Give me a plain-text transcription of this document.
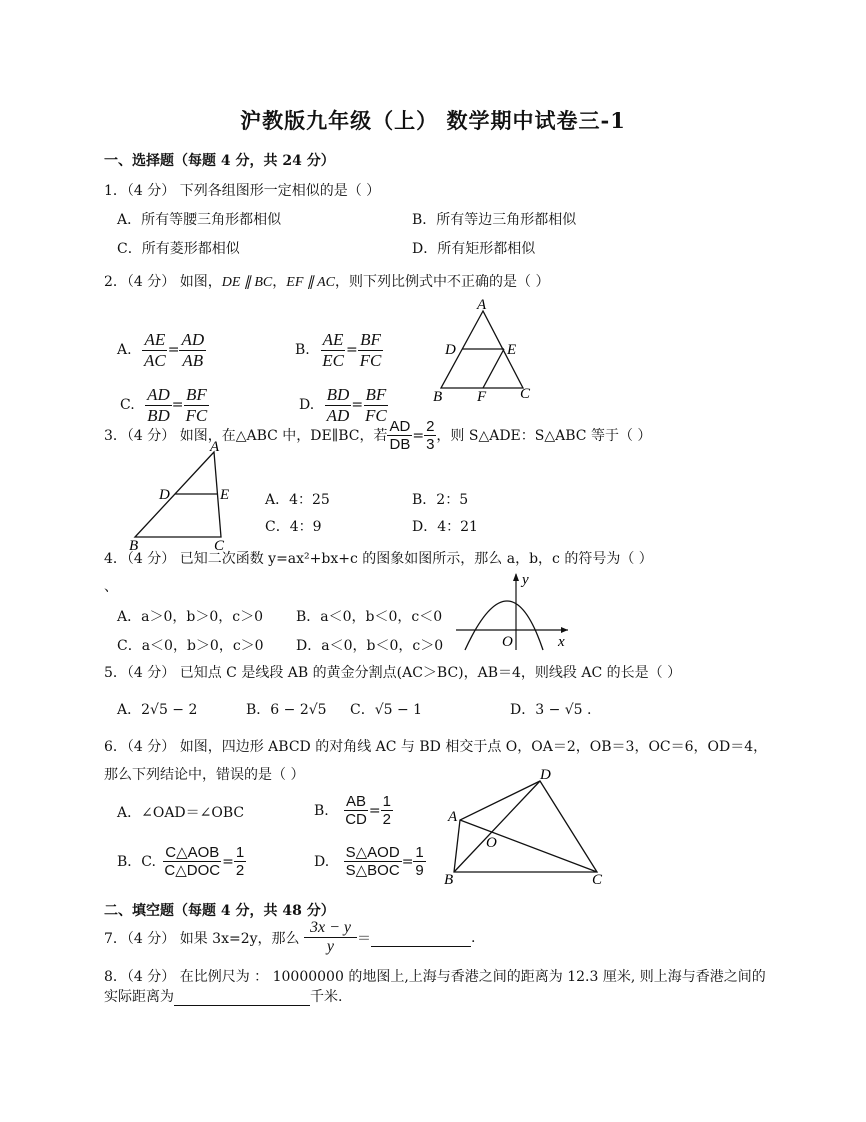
沪教版九年级（上） 数学期中试卷三-1
一、选择题（每题 4 分，共 24 分）
1．（4 分） 下列各组图形一定相似的是（ ）
A．所有等腰三角形都相似	B．所有等边三角形都相似
C．所有菱形都相似	D．所有矩形都相似
2．（4 分） 如图，DE ∥ BC，EF ∥ AC，则下列比例式中不正确的是（ ）
A. $\frac{AE}{AC} = \frac{AD}{AB}$	B. $\frac{AE}{EC} = \frac{BF}{FC}$
C. $\frac{AD}{BD} = \frac{BF}{FC}$	D. $\frac{BD}{AD} = \frac{BF}{FC}$
A
D	E
B F C
3．（4 分） 如图，在△ABC 中，DE∥BC，若 $\frac{AD}{DB} = \frac{2}{3}$ ，则 S△ADE：S△ABC 等于（ ）
A
D	E
B	C
A．4：25	B．2：5
C．4：9	D．4：21
4．（4 分） 已知二次函数 y=ax²+bx+c 的图象如图所示，那么 a，b，c 的符号为（ ）
、
A．a＞0，b＞0，c＞0 B．a＜0，b＜0，c＜0
C．a＜0，b＞0，c＞0 D．a＜0，b＜0，c＞0
y
O	x
5．（4 分） 已知点 C 是线段 AB 的黄金分割点(AC＞BC)，AB＝4，则线段 AC 的长是（ ）
A．2√5 − 2	B．6 − 2√5 C．√5 − 1	D．3 − √5 .
6．（4 分） 如图，四边形 ABCD 的对角线 AC 与 BD 相交于点 O，OA＝2，OB＝3，OC＝6，OD＝4，
那么下列结论中，错误的是（ ）
A．∠OAD＝∠OBC	B. $\frac{AB}{CD} = \frac{1}{2}$
B．C. $\frac{\text{C△AOB}}{\text{C△DOC}} = \frac{1}{2}$	D. $\frac{\text{S△AOD}}{\text{S△BOC}} = \frac{1}{9}$
D
A
O
B	C
二、填空题（每题 4 分，共 48 分）
7．（4 分） 如果 3x=2y，那么 $\frac{3x - y}{y}$ ＝	.
8．（4 分） 在比例尺为 ： 10000000 的地图上,上海与香港之间的距离为 12.3 厘米, 则上海与香港之间的
实际距离为	千米.
